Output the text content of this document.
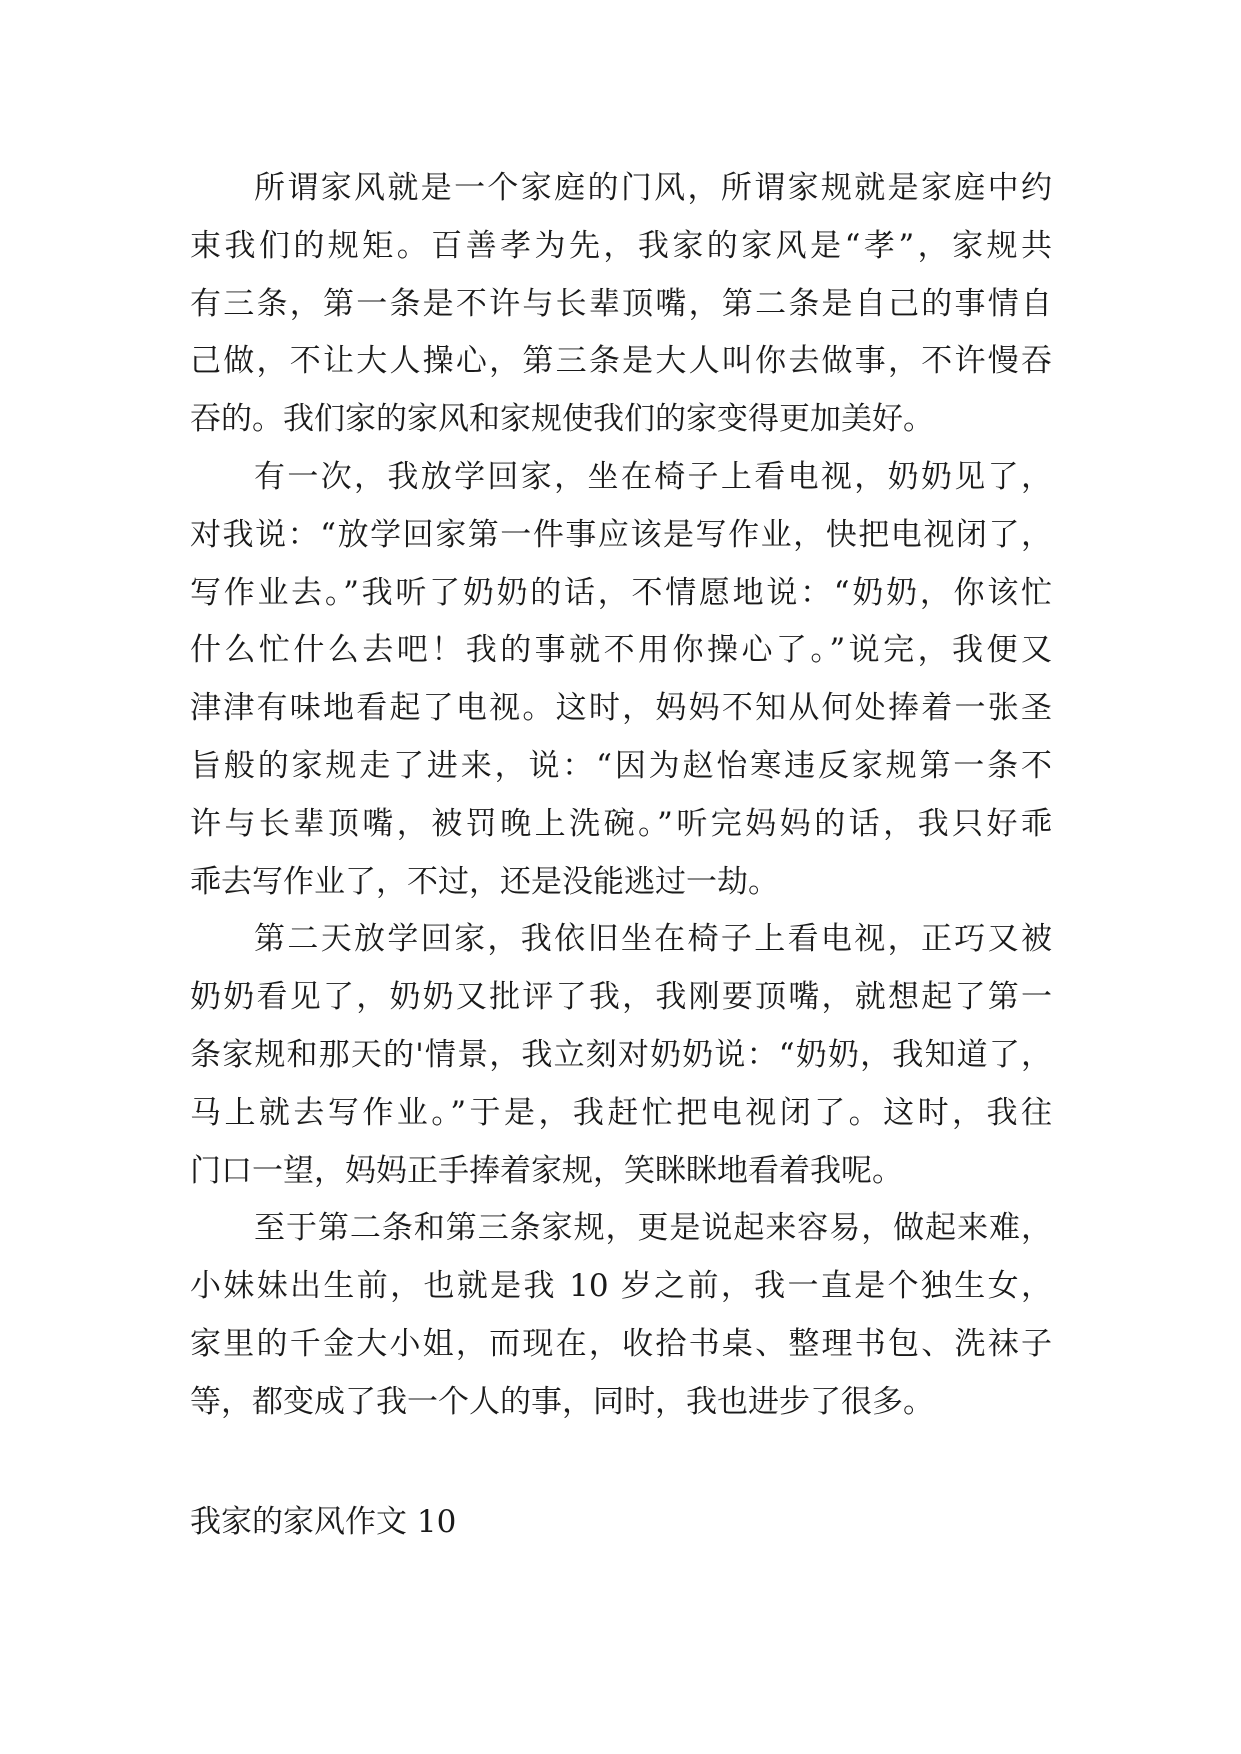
所谓家风就是一个家庭的门风，所谓家规就是家庭中约
束我们的规矩。百善孝为先，我家的家风是“孝”，家规共
有三条，第一条是不许与长辈顶嘴，第二条是自己的事情自
己做，不让大人操心，第三条是大人叫你去做事，不许慢吞
吞的。我们家的家风和家规使我们的家变得更加美好。
有一次，我放学回家，坐在椅子上看电视，奶奶见了，
对我说：“放学回家第一件事应该是写作业，快把电视闭了，
写作业去。”我听了奶奶的话，不情愿地说：“奶奶，你该忙
什么忙什么去吧！我的事就不用你操心了。”说完，我便又
津津有味地看起了电视。这时，妈妈不知从何处捧着一张圣
旨般的家规走了进来，说：“因为赵怡寒违反家规第一条不
许与长辈顶嘴，被罚晚上洗碗。”听完妈妈的话，我只好乖
乖去写作业了，不过，还是没能逃过一劫。
第二天放学回家，我依旧坐在椅子上看电视，正巧又被
奶奶看见了，奶奶又批评了我，我刚要顶嘴，就想起了第一
条家规和那天的'情景，我立刻对奶奶说：“奶奶，我知道了，
马上就去写作业。”于是，我赶忙把电视闭了。这时，我往
门口一望，妈妈正手捧着家规，笑眯眯地看着我呢。
至于第二条和第三条家规，更是说起来容易，做起来难，
小妹妹出生前，也就是我 10 岁之前，我一直是个独生女，
家里的千金大小姐，而现在，收拾书桌、整理书包、洗袜子
等，都变成了我一个人的事，同时，我也进步了很多。
我家的家风作文 10
